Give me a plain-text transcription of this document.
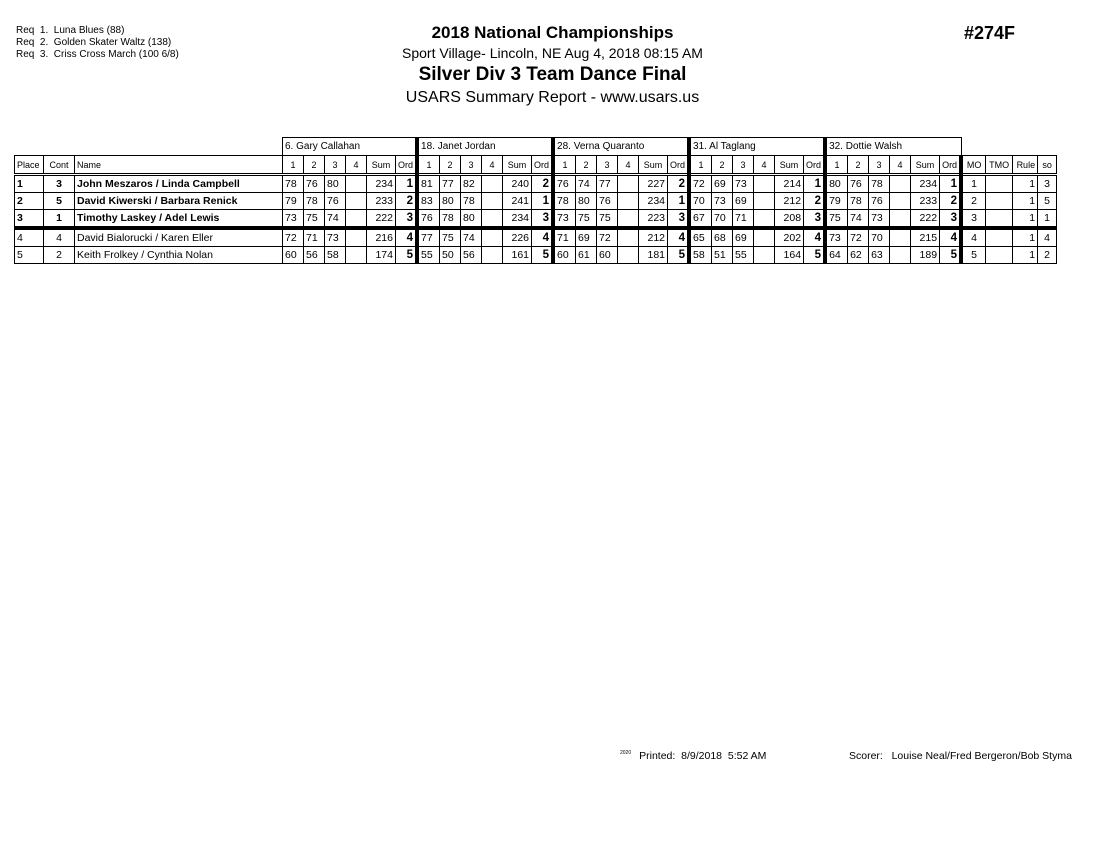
Req  1.  Luna Blues (88)
Req  2.  Golden Skater Waltz (138)
Req  3.  Criss Cross March (100 6/8)
2018 National Championships
Sport Village- Lincoln, NE Aug 4, 2018 08:15 AM
Silver Div 3 Team Dance Final
USARS Summary Report - www.usars.us
#274F
			6. Gary Callahan						18. Janet Jordan						28. Verna Quaranto						31. Al Taglang						32. Dottie Walsh									
Place	Cont	Name	1	2	3	4	Sum	Ord	1	2	3	4	Sum	Ord	1	2	3	4	Sum	Ord	1	2	3	4	Sum	Ord	1	2	3	4	Sum	Ord	MO	TMO	Rule	so
1	3	John Meszaros / Linda Campbell	78	76	80		234	1	81	77	82		240	2	76	74	77		227	2	72	69	73		214	1	80	76	78		234	1	1		1	3
2	5	David Kiwerski / Barbara Renick	79	78	76		233	2	83	80	78		241	1	78	80	76		234	1	70	73	69		212	2	79	78	76		233	2	2		1	5
3	1	Timothy Laskey / Adel Lewis	73	75	74		222	3	76	78	80		234	3	73	75	75		223	3	67	70	71		208	3	75	74	73		222	3	3		1	1
4	4	David Bialorucki / Karen Eller	72	71	73		216	4	77	75	74		226	4	71	69	72		212	4	65	68	69		202	4	73	72	70		215	4	4		1	4
5	2	Keith Frolkey / Cynthia Nolan	60	56	58		174	5	55	50	56		161	5	60	61	60		181	5	58	51	55		164	5	64	62	63		189	5	5		1	2
$^{2020}$ Printed:  8/9/2018  5:52 AM	Scorer:   Louise Neal/Fred Bergeron/Bob Styma
